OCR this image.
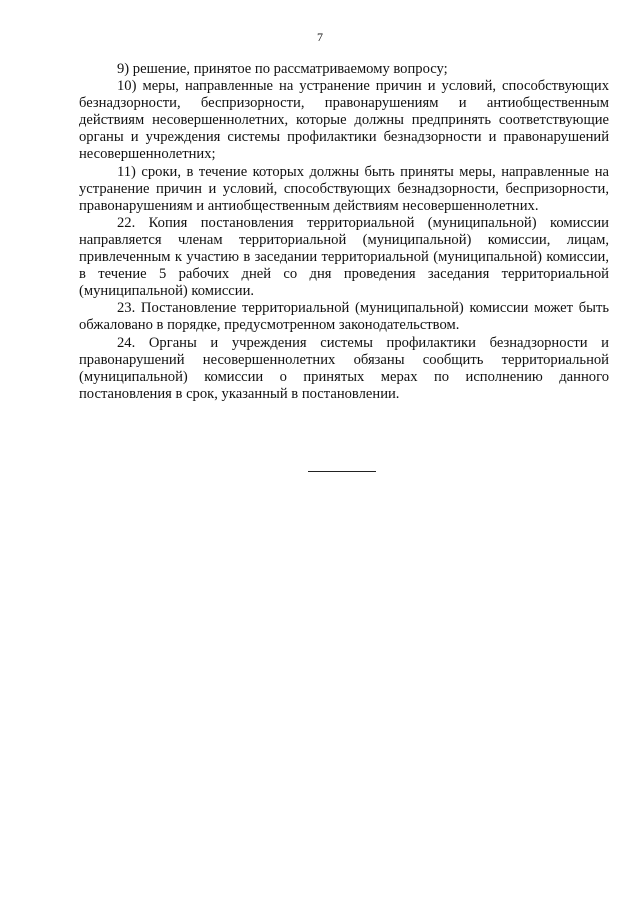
7

9) решение, принятое по рассматриваемому вопросу;

10) меры, направленные на устранение причин и условий, способствующих безнадзорности, беспризорности, правонарушениям и антиобщественным действиям несовершеннолетних, которые должны предпринять соответствующие органы и учреждения системы профилактики безнадзорности и правонарушений несовершеннолетних;

11) сроки, в течение которых должны быть приняты меры, направленные на устранение причин и условий, способствующих безнадзорности, беспризорности, правонарушениям и антиобщественным действиям несовершеннолетних.

22. Копия постановления территориальной (муниципальной) комиссии направляется членам территориальной (муниципальной) комиссии, лицам, привлеченным к участию в заседании территориальной (муниципальной) комиссии, в течение 5 рабочих дней со дня проведения заседания территориальной (муниципальной) комиссии.

23. Постановление территориальной (муниципальной) комиссии может быть обжаловано в порядке, предусмотренном законодательством.

24. Органы и учреждения системы профилактики безнадзорности и правонарушений несовершеннолетних обязаны сообщить территориальной (муниципальной) комиссии о принятых мерах по исполнению данного постановления в срок, указанный в постановлении.
